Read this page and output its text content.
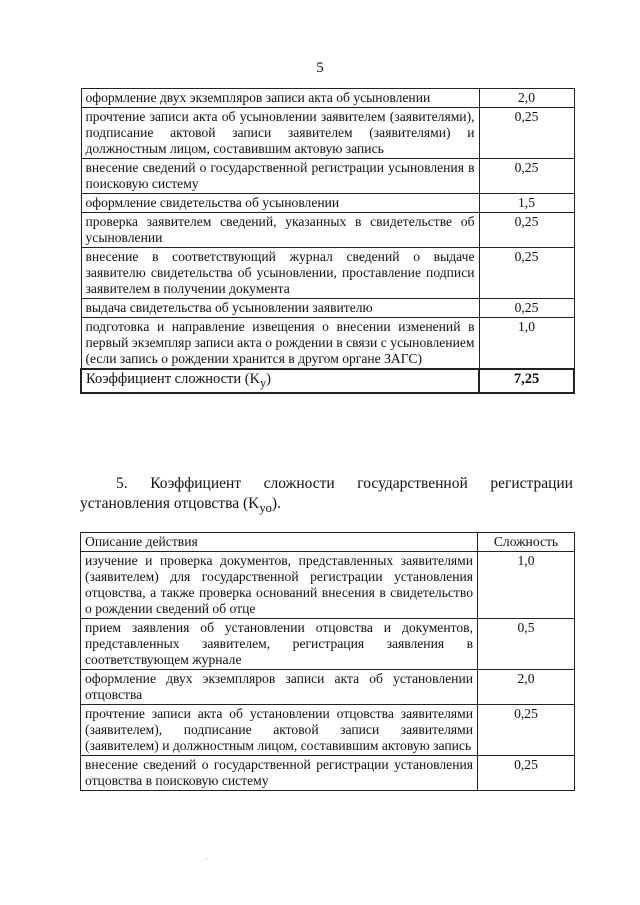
5
оформление двух экземпляров записи акта об усыновлении	2,0
прочтение записи акта об усыновлении заявителем (заявителями), подписание актовой записи заявителем (заявителями) и должностным лицом, составившим актовую запись	0,25
внесение сведений о государственной регистрации усыновления в поисковую систему	0,25
оформление свидетельства об усыновлении	1,5
проверка заявителем сведений, указанных в свидетельстве об усыновлении	0,25
внесение в соответствующий журнал сведений о выдаче заявителю свидетельства об усыновлении, проставление подписи заявителем в получении документа	0,25
выдача свидетельства об усыновлении заявителю	0,25
подготовка и направление извещения о внесении изменений в первый экземпляр записи акта о рождении в связи с усыновлением (если запись о рождении хранится в другом органе ЗАГС)	1,0
Коэффициент сложности $(K_у)$	7,25
5. Коэффициент сложности государственной регистрации
установления отцовства $(K_{уо})$.
Описание действия	Сложность
изучение и проверка документов, представленных заявителями (заявителем) для государственной регистрации установления отцовства, а также проверка оснований внесения в свидетельство о рождении сведений об отце	1,0
прием заявления об установлении отцовства и документов, представленных заявителем, регистрация заявления в соответствующем журнале	0,5
оформление двух экземпляров записи акта об установлении отцовства	2,0
прочтение записи акта об установлении отцовства заявителями (заявителем), подписание актовой записи заявителями (заявителем) и должностным лицом, составившим актовую запись	0,25
внесение сведений о государственной регистрации установления отцовства в поисковую систему	0,25
·
